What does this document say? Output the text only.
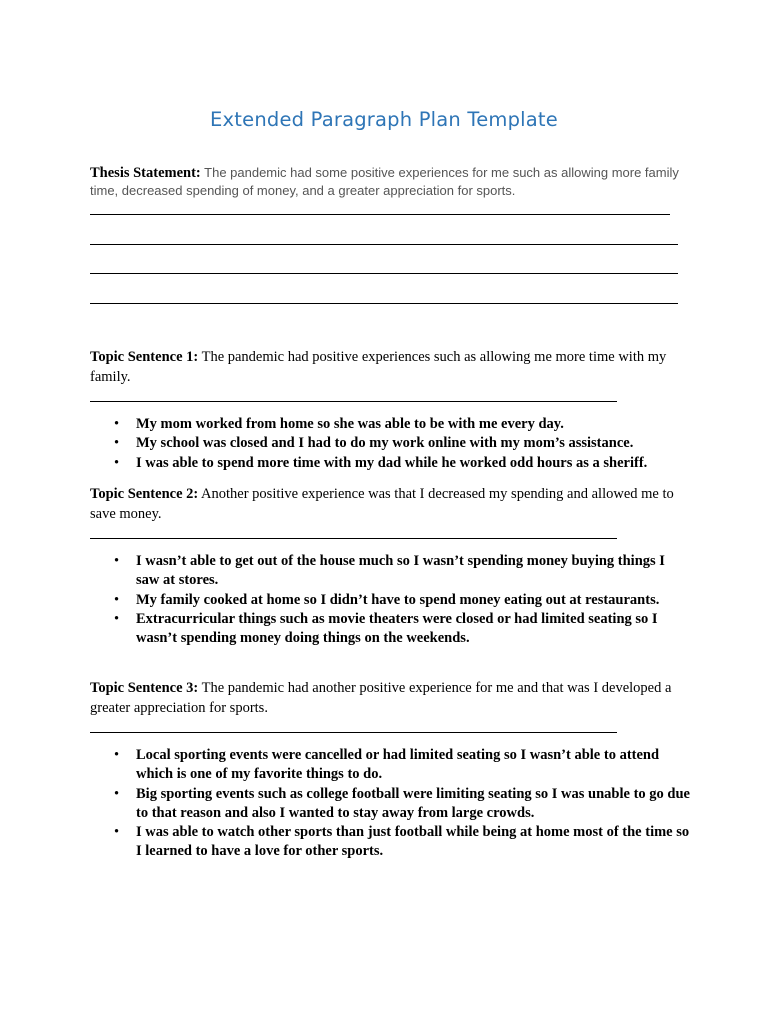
Extended Paragraph Plan Template
Thesis Statement: The pandemic had some positive experiences for me such as allowing more family time, decreased spending of money, and a greater appreciation for sports.
Topic Sentence 1: The pandemic had positive experiences such as allowing me more time with my family.
• My mom worked from home so she was able to be with me every day.
• My school was closed and I had to do my work online with my mom’s assistance.
• I was able to spend more time with my dad while he worked odd hours as a sheriff.
Topic Sentence 2: Another positive experience was that I decreased my spending and allowed me to save money.
• I wasn’t able to get out of the house much so I wasn’t spending money buying things I saw at stores.
• My family cooked at home so I didn’t have to spend money eating out at restaurants.
• Extracurricular things such as movie theaters were closed or had limited seating so I wasn’t spending money doing things on the weekends.
Topic Sentence 3: The pandemic had another positive experience for me and that was I developed a greater appreciation for sports.
• Local sporting events were cancelled or had limited seating so I wasn’t able to attend which is one of my favorite things to do.
• Big sporting events such as college football were limiting seating so I was unable to go due to that reason and also I wanted to stay away from large crowds.
• I was able to watch other sports than just football while being at home most of the time so I learned to have a love for other sports.
